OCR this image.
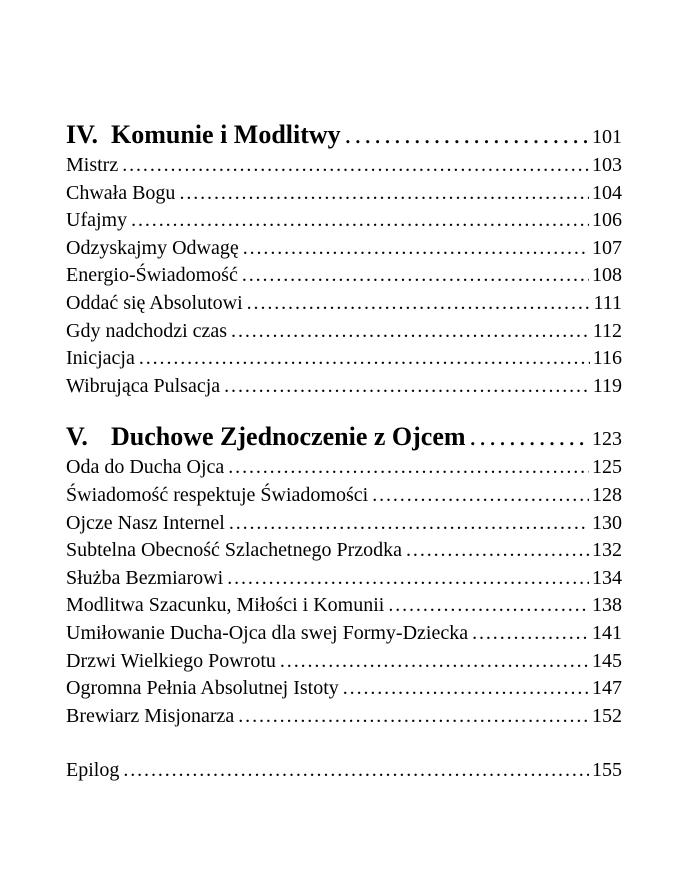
IV. Komunie i Modlitwy . . .	101
Mistrz . . .	103
Chwała Bogu . . .	104
Ufajmy . . .	106
Odzyskajmy Odwagę . . .	107
Energio-Świadomość . . .	108
Oddać się Absolutowi . . .	111
Gdy nadchodzi czas . . .	112
Inicjacja . . .	116
Wibrująca Pulsacja . . .	119
V. Duchowe Zjednoczenie z Ojcem . . .	123
Oda do Ducha Ojca . . .	125
Świadomość respektuje Świadomości . . .	128
Ojcze Nasz Internel . . .	130
Subtelna Obecność Szlachetnego Przodka . . .	132
Służba Bezmiarowi . . .	134
Modlitwa Szacunku, Miłości i Komunii . . .	138
Umiłowanie Ducha-Ojca dla swej Formy-Dziecka . . .	141
Drzwi Wielkiego Powrotu . . .	145
Ogromna Pełnia Absolutnej Istoty . . .	147
Brewiarz Misjonarza . . .	152
Epilog . . .	155
